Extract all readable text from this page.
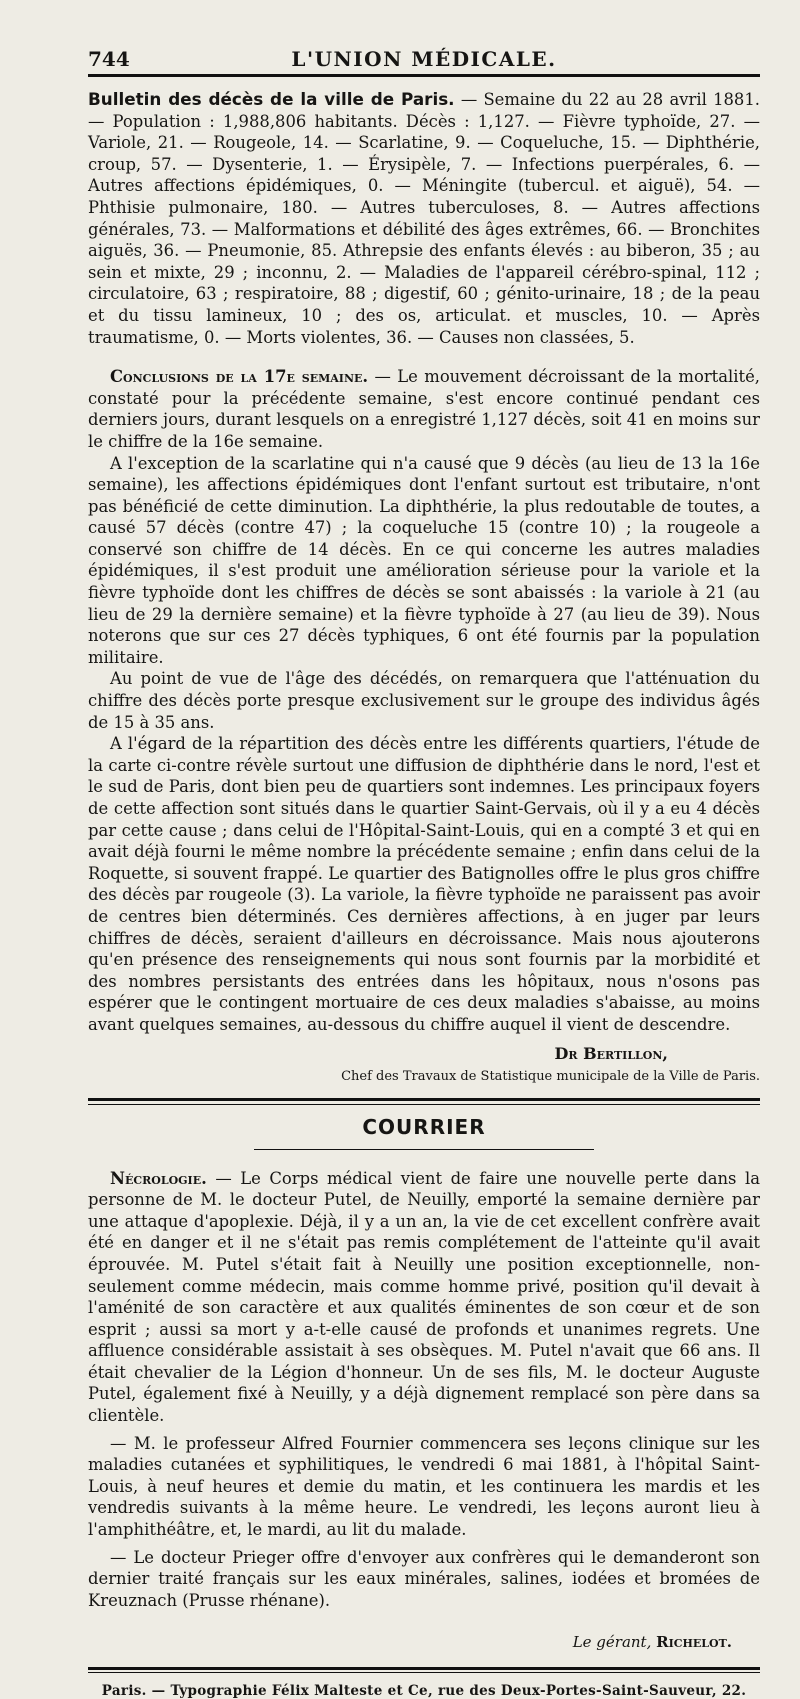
744	L'UNION MÉDICALE.

Bulletin des décès de la ville de Paris. — Semaine du 22 au 28 avril 1881. — Population : 1,988,806 habitants. Décès : 1,127. — Fièvre typhoïde, 27. — Variole, 21. — Rougeole, 14. — Scarlatine, 9. — Coqueluche, 15. — Diphthérie, croup, 57. — Dysenterie, 1. — Érysipèle, 7. — Infections puerpérales, 6. — Autres affections épidémiques, 0. — Méningite (tubercul. et aiguë), 54. — Phthisie pulmonaire, 180. — Autres tuberculoses, 8. — Autres affections générales, 73. — Malformations et débilité des âges extrêmes, 66. — Bronchites aiguës, 36. — Pneumonie, 85. Athrepsie des enfants élevés : au biberon, 35 ; au sein et mixte, 29 ; inconnu, 2. — Maladies de l'appareil cérébro-spinal, 112 ; circulatoire, 63 ; respiratoire, 88 ; digestif, 60 ; génito-urinaire, 18 ; de la peau et du tissu lamineux, 10 ; des os, articulat. et muscles, 10. — Après traumatisme, 0. — Morts violentes, 36. — Causes non classées, 5.

Conclusions de la 17e semaine. — Le mouvement décroissant de la mortalité, constaté pour la précédente semaine, s'est encore continué pendant ces derniers jours, durant lesquels on a enregistré 1,127 décès, soit 41 en moins sur le chiffre de la 16e semaine.

A l'exception de la scarlatine qui n'a causé que 9 décès (au lieu de 13 la 16e semaine), les affections épidémiques dont l'enfant surtout est tributaire, n'ont pas bénéficié de cette diminution. La diphthérie, la plus redoutable de toutes, a causé 57 décès (contre 47) ; la coqueluche 15 (contre 10) ; la rougeole a conservé son chiffre de 14 décès. En ce qui concerne les autres maladies épidémiques, il s'est produit une amélioration sérieuse pour la variole et la fièvre typhoïde dont les chiffres de décès se sont abaissés : la variole à 21 (au lieu de 29 la dernière semaine) et la fièvre typhoïde à 27 (au lieu de 39). Nous noterons que sur ces 27 décès typhiques, 6 ont été fournis par la population militaire.

Au point de vue de l'âge des décédés, on remarquera que l'atténuation du chiffre des décès porte presque exclusivement sur le groupe des individus âgés de 15 à 35 ans.

A l'égard de la répartition des décès entre les différents quartiers, l'étude de la carte ci-contre révèle surtout une diffusion de diphthérie dans le nord, l'est et le sud de Paris, dont bien peu de quartiers sont indemnes. Les principaux foyers de cette affection sont situés dans le quartier Saint-Gervais, où il y a eu 4 décès par cette cause ; dans celui de l'Hôpital-Saint-Louis, qui en a compté 3 et qui en avait déjà fourni le même nombre la précédente semaine ; enfin dans celui de la Roquette, si souvent frappé. Le quartier des Batignolles offre le plus gros chiffre des décès par rougeole (3). La variole, la fièvre typhoïde ne paraissent pas avoir de centres bien déterminés. Ces dernières affections, à en juger par leurs chiffres de décès, seraient d'ailleurs en décroissance. Mais nous ajouterons qu'en présence des renseignements qui nous sont fournis par la morbidité et des nombres persistants des entrées dans les hôpitaux, nous n'osons pas espérer que le contingent mortuaire de ces deux maladies s'abaisse, au moins avant quelques semaines, au-dessous du chiffre auquel il vient de descendre.

Dr Bertillon,
Chef des Travaux de Statistique municipale de la Ville de Paris.
COURRIER

Nécrologie. — Le Corps médical vient de faire une nouvelle perte dans la personne de M. le docteur Putel, de Neuilly, emporté la semaine dernière par une attaque d'apoplexie. Déjà, il y a un an, la vie de cet excellent confrère avait été en danger et il ne s'était pas remis complétement de l'atteinte qu'il avait éprouvée. M. Putel s'était fait à Neuilly une position exceptionnelle, non-seulement comme médecin, mais comme homme privé, position qu'il devait à l'aménité de son caractère et aux qualités éminentes de son cœur et de son esprit ; aussi sa mort y a-t-elle causé de profonds et unanimes regrets. Une affluence considérable assistait à ses obsèques. M. Putel n'avait que 66 ans. Il était chevalier de la Légion d'honneur. Un de ses fils, M. le docteur Auguste Putel, également fixé à Neuilly, y a déjà dignement remplacé son père dans sa clientèle.

— M. le professeur Alfred Fournier commencera ses leçons clinique sur les maladies cutanées et syphilitiques, le vendredi 6 mai 1881, à l'hôpital Saint-Louis, à neuf heures et demie du matin, et les continuera les mardis et les vendredis suivants à la même heure. Le vendredi, les leçons auront lieu à l'amphithéâtre, et, le mardi, au lit du malade.

— Le docteur Prieger offre d'envoyer aux confrères qui le demanderont son dernier traité français sur les eaux minérales, salines, iodées et bromées de Kreuznach (Prusse rhénane).

Le gérant, Richelot.
Paris. — Typographie Félix Malteste et Ce, rue des Deux-Portes-Saint-Sauveur, 22.
